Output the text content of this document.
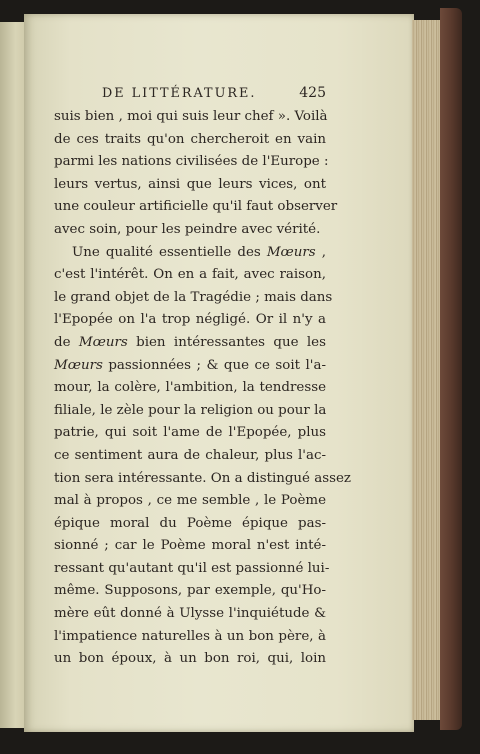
DE LITTÉRATURE.	425
suis bien , moi qui suis leur chef ». Voilà
de ces traits qu'on chercheroit en vain
parmi les nations civilisées de l'Europe :
leurs vertus, ainsi que leurs vices, ont
une couleur artificielle qu'il faut observer
avec soin, pour les peindre avec vérité.
Une qualité essentielle des Mœurs ,
c'est l'intérêt. On en a fait, avec raison,
le grand objet de la Tragédie ; mais dans
l'Epopée on l'a trop négligé. Or il n'y a
de Mœurs bien intéressantes que les
Mœurs passionnées ; & que ce soit l'a-
mour, la colère, l'ambition, la tendresse
filiale, le zèle pour la religion ou pour la
patrie, qui soit l'ame de l'Epopée, plus
ce sentiment aura de chaleur, plus l'ac-
tion sera intéressante. On a distingué assez
mal à propos , ce me semble , le Poème
épique moral du Poème épique pas-
sionné ; car le Poème moral n'est inté-
ressant qu'autant qu'il est passionné lui-
même. Supposons, par exemple, qu'Ho-
mère eût donné à Ulysse l'inquiétude &
l'impatience naturelles à un bon père, à
un bon époux, à un bon roi, qui, loin
